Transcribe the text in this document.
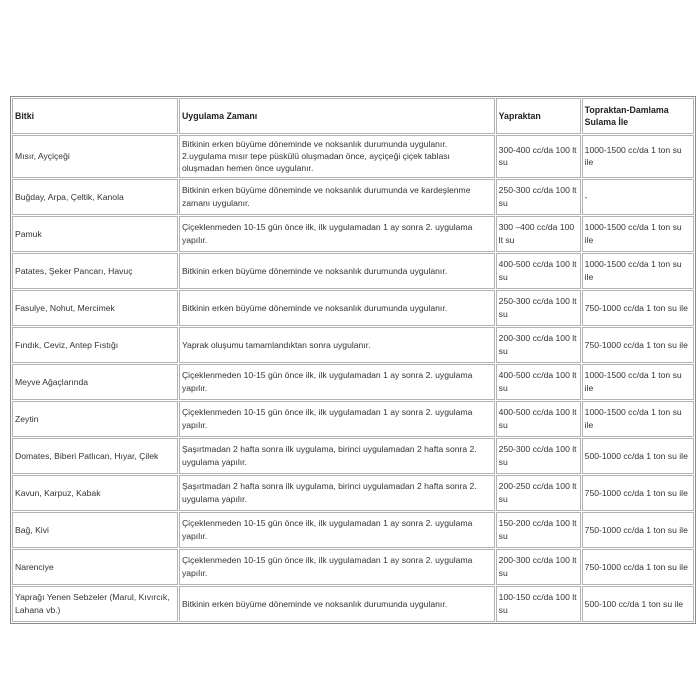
Bitki	Uygulama Zamanı	Yapraktan	Topraktan-Damlama Sulama İle
Mısır, Ayçiçeği	Bitkinin erken büyüme döneminde ve noksanlık durumunda uygulanır. 2.uygulama mısır tepe püskülü oluşmadan önce, ayçiçeği çiçek tablası oluşmadan hemen önce uygulanır.	300-400 cc/da 100 lt su	1000-1500 cc/da 1 ton su ile
Buğday, Arpa, Çeltik, Kanola	Bitkinin erken büyüme döneminde ve noksanlık durumunda ve kardeşlenme zamanı uygulanır.	250-300 cc/da 100 lt su	-
Pamuk	Çiçeklenmeden 10-15 gün önce ilk, ilk uygulamadan 1 ay sonra 2. uygulama yapılır.	300 –400 cc/da 100 lt su	1000-1500 cc/da 1 ton su ile
Patates, Şeker Pancarı, Havuç	Bitkinin erken büyüme döneminde ve noksanlık durumunda uygulanır.	400-500 cc/da 100 lt su	1000-1500 cc/da 1 ton su ile
Fasulye, Nohut, Mercimek	Bitkinin erken büyüme döneminde ve noksanlık durumunda uygulanır.	250-300 cc/da 100 lt su	750-1000 cc/da 1 ton su ile
Fındık, Ceviz, Antep Fıstığı	Yaprak oluşumu tamamlandıktan sonra uygulanır.	200-300 cc/da 100 lt su	750-1000 cc/da 1 ton su ile
Meyve Ağaçlarında	Çiçeklenmeden 10-15 gün önce ilk, ilk uygulamadan 1 ay sonra 2. uygulama yapılır.	400-500 cc/da 100 lt su	1000-1500 cc/da 1 ton su ile
Zeytin	Çiçeklenmeden 10-15 gün önce ilk, ilk uygulamadan 1 ay sonra 2. uygulama yapılır.	400-500 cc/da 100 lt su	1000-1500 cc/da 1 ton su ile
Domates, Biberi Patlıcan, Hıyar, Çilek	Şaşırtmadan 2 hafta sonra ilk uygulama, birinci uygulamadan 2 hafta sonra 2. uygulama yapılır.	250-300 cc/da 100 lt su	500-1000 cc/da 1 ton su ile
Kavun, Karpuz, Kabak	Şaşırtmadan 2 hafta sonra ilk uygulama, birinci uygulamadan 2 hafta sonra 2. uygulama yapılır.	200-250 cc/da 100 lt su	750-1000 cc/da 1 ton su ile
Bağ, Kivi	Çiçeklenmeden 10-15 gün önce ilk, ilk uygulamadan 1 ay sonra 2. uygulama yapılır.	150-200 cc/da 100 lt su	750-1000 cc/da 1 ton su ile
Narenciye	Çiçeklenmeden 10-15 gün önce ilk, ilk uygulamadan 1 ay sonra 2. uygulama yapılır.	200-300 cc/da 100 lt su	750-1000 cc/da 1 ton su ile
Yaprağı Yenen Sebzeler (Marul, Kıvırcık, Lahana vb.)	Bitkinin erken büyüme döneminde ve noksanlık durumunda uygulanır.	100-150 cc/da 100 lt su	500-100 cc/da 1 ton su ile
